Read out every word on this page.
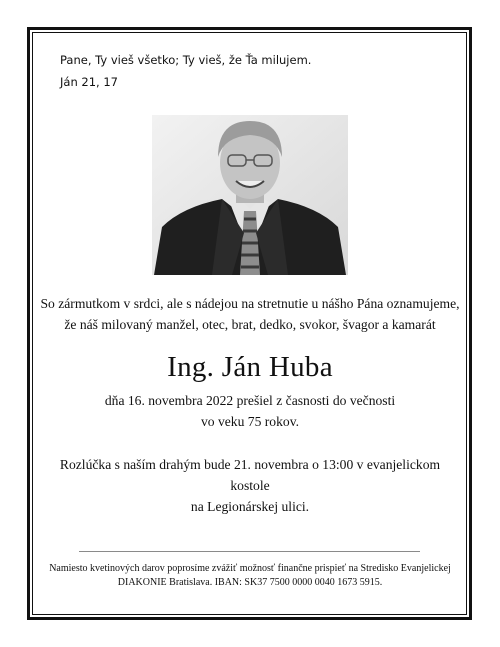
Pane, Ty vieš všetko; Ty vieš, že Ťa milujem.
Ján 21, 17
So zármutkom v srdci, ale s nádejou na stretnutie u nášho Pána oznamujeme,
že náš milovaný manžel, otec, brat, dedko, svokor, švagor a kamarát
Ing. Ján Huba
dňa 16. novembra 2022 prešiel z časnosti do večnosti
vo veku 75 rokov.
Rozlúčka s naším drahým bude 21. novembra o 13:00 v evanjelickom kostole
na Legionárskej ulici.
Namiesto kvetinových darov poprosíme zvážiť možnosť finančne prispieť na Stredisko Evanjelickej
DIAKONIE Bratislava. IBAN: SK37 7500 0000 0040 1673 5915.
